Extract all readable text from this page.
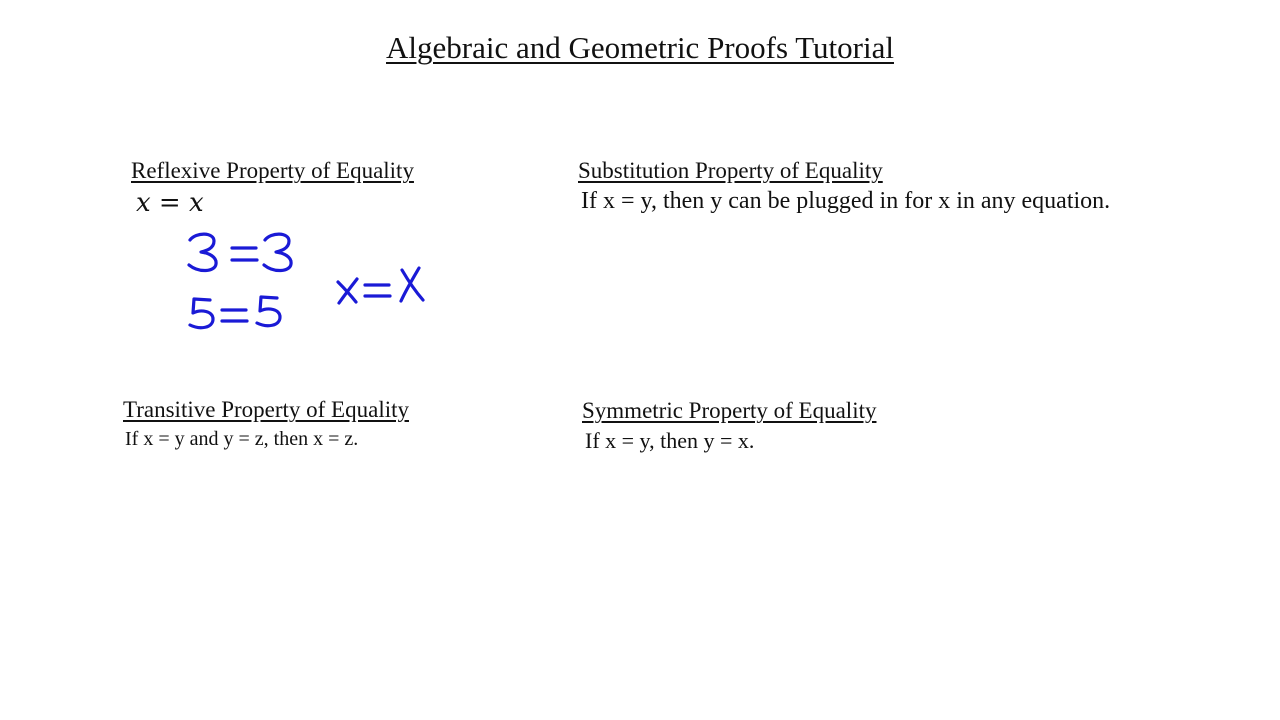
Algebraic and Geometric Proofs Tutorial
Reflexive Property of Equality
x = x
Substitution Property of Equality
If x = y, then y can be plugged in for x in any equation.
Transitive Property of Equality
If x = y and y = z, then x = z.
Symmetric Property of Equality
If x = y, then y = x.
